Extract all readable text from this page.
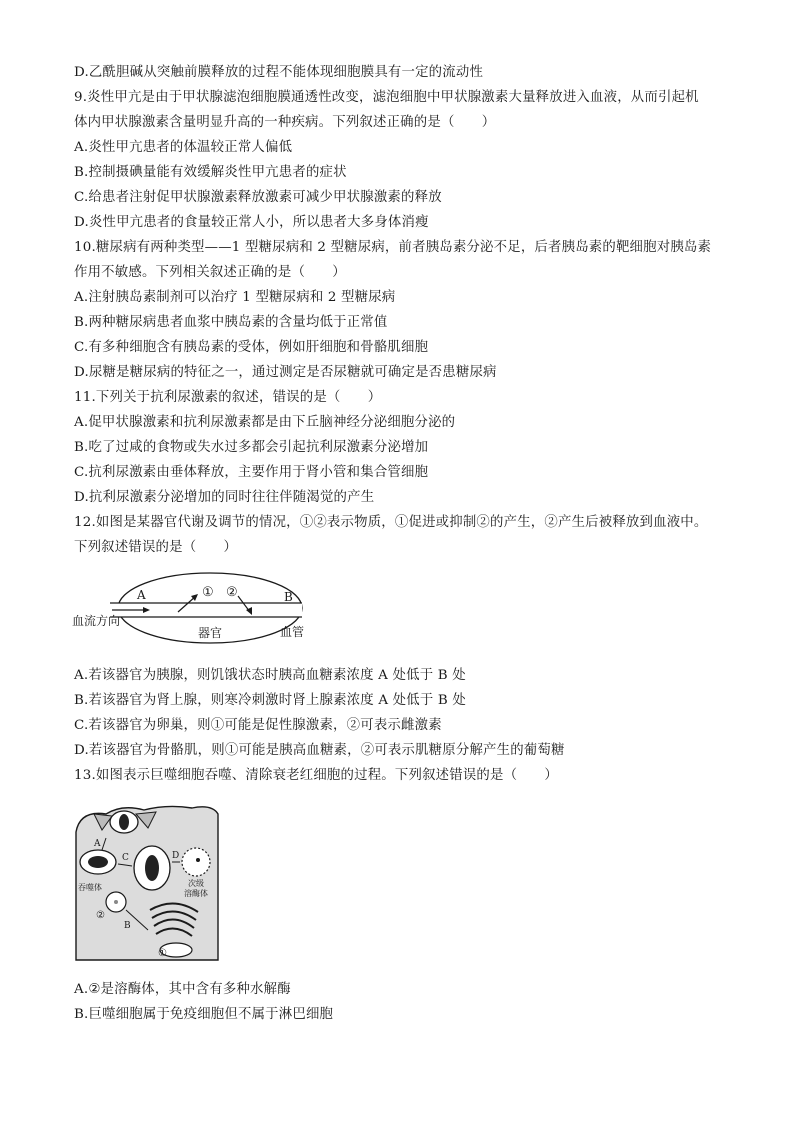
D.乙酰胆碱从突触前膜释放的过程不能体现细胞膜具有一定的流动性

9.炎性甲亢是由于甲状腺滤泡细胞膜通透性改变，滤泡细胞中甲状腺激素大量释放进入血液，从而引起机

体内甲状腺激素含量明显升高的一种疾病。下列叙述正确的是（　　）

A.炎性甲亢患者的体温较正常人偏低

B.控制摄碘量能有效缓解炎性甲亢患者的症状

C.给患者注射促甲状腺激素释放激素可减少甲状腺激素的释放

D.炎性甲亢患者的食量较正常人小，所以患者大多身体消瘦

10.糖尿病有两种类型——1 型糖尿病和 2 型糖尿病，前者胰岛素分泌不足，后者胰岛素的靶细胞对胰岛素

作用不敏感。下列相关叙述正确的是（　　）

A.注射胰岛素制剂可以治疗 1 型糖尿病和 2 型糖尿病

B.两种糖尿病患者血浆中胰岛素的含量均低于正常值

C.有多种细胞含有胰岛素的受体，例如肝细胞和骨骼肌细胞

D.尿糖是糖尿病的特征之一，通过测定是否尿糖就可确定是否患糖尿病

11.下列关于抗利尿激素的叙述，错误的是（　　）

A.促甲状腺激素和抗利尿激素都是由下丘脑神经分泌细胞分泌的

B.吃了过咸的食物或失水过多都会引起抗利尿激素分泌增加

C.抗利尿激素由垂体释放，主要作用于肾小管和集合管细胞

D.抗利尿激素分泌增加的同时往往伴随渴觉的产生

12.如图是某器官代谢及调节的情况，①②表示物质，①促进或抑制②的产生，②产生后被释放到血液中。

下列叙述错误的是（　　）

A	B
① ②
血流方向
器官	血管

A.若该器官为胰腺，则饥饿状态时胰高血糖素浓度 A 处低于 B 处

B.若该器官为肾上腺，则寒冷刺激时肾上腺素浓度 A 处低于 B 处

C.若该器官为卵巢，则①可能是促性腺激素，②可表示雌激素

D.若该器官为骨骼肌，则①可能是胰高血糖素，②可表示肌糖原分解产生的葡萄糖

13.如图表示巨噬细胞吞噬、清除衰老红细胞的过程。下列叙述错误的是（　　）

A
C	D
B
吞噬体	次级
溶酶体
②
①

A.②是溶酶体，其中含有多种水解酶

B.巨噬细胞属于免疫细胞但不属于淋巴细胞
